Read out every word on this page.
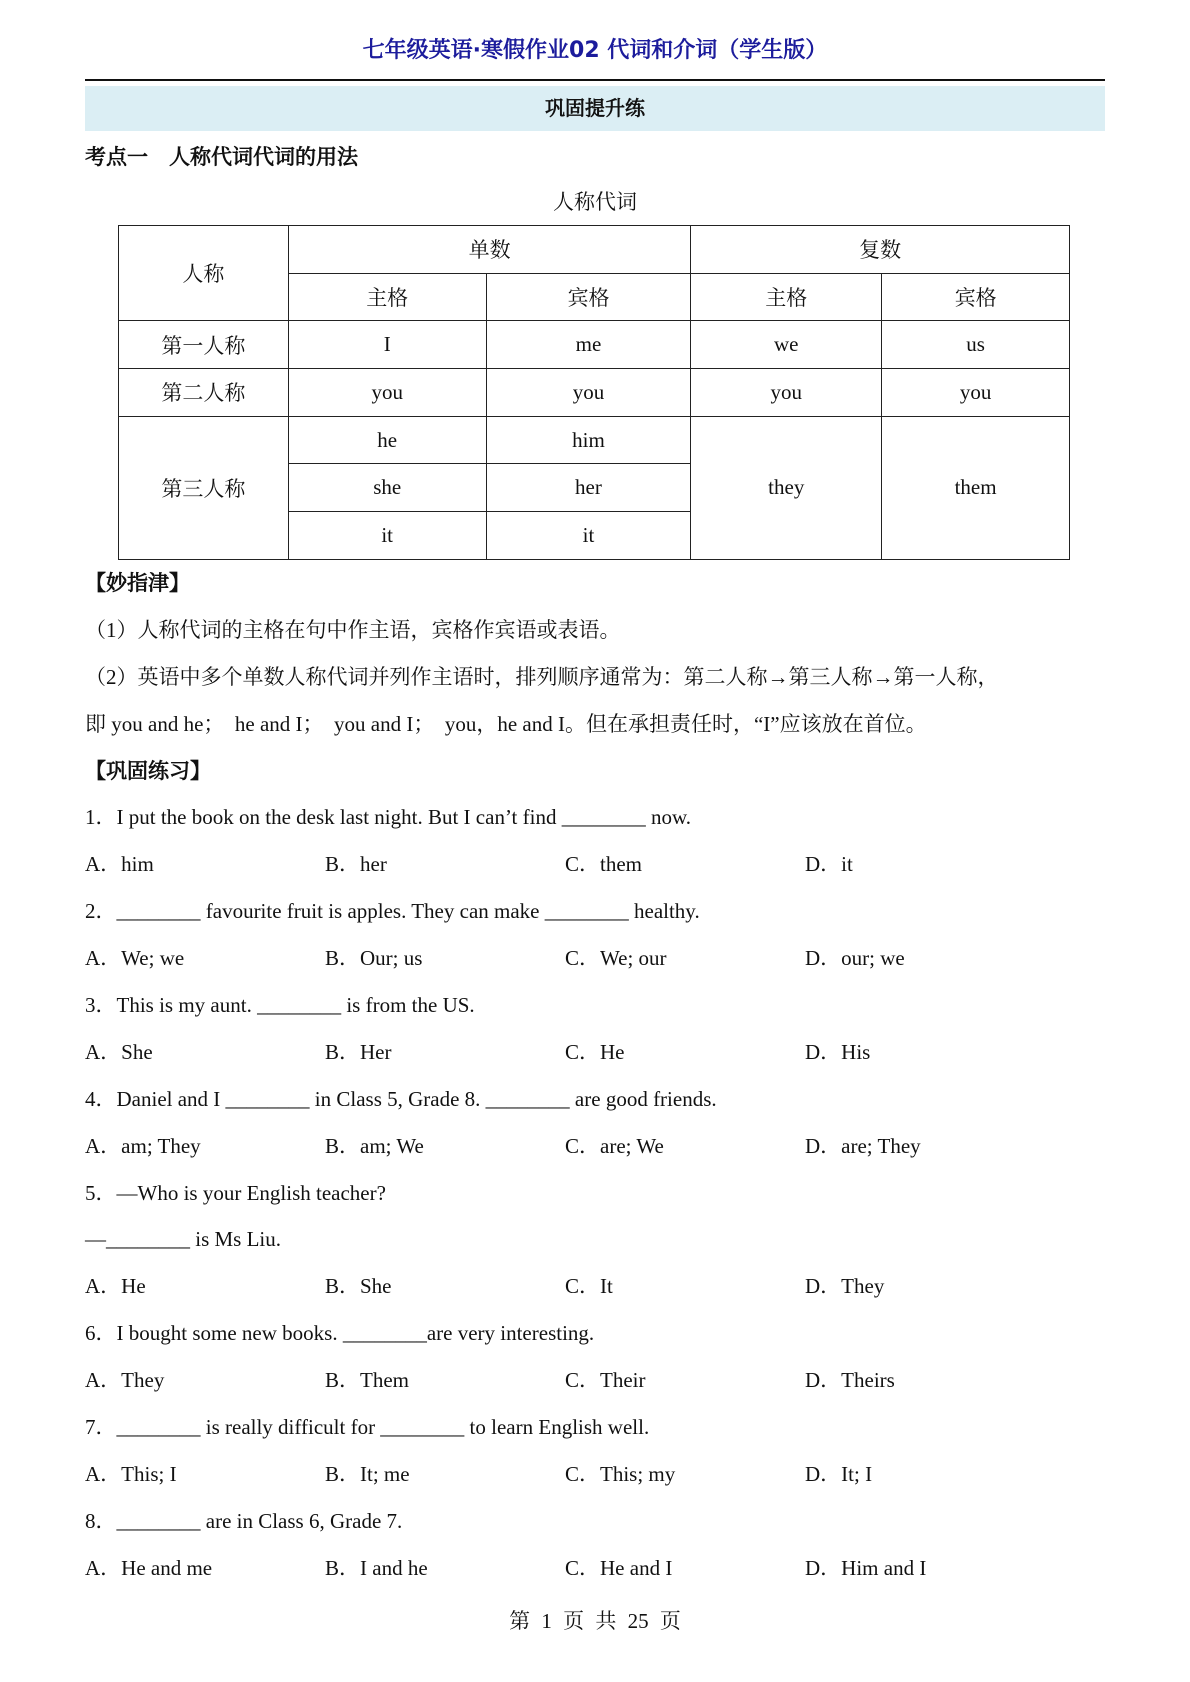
七年级英语·寒假作业02 代词和介词（学生版）
巩固提升练
考点一　人称代词代词的用法
人称代词
人称	单数		复数	
	主格	宾格	主格	宾格
第一人称	I	me	we	us
第二人称	you	you	you	you
第三人称	he	him	they	them
	she	her		
	it	it		
【妙指津】
（1）人称代词的主格在句中作主语，宾格作宾语或表语。
（2）英语中多个单数人称代词并列作主语时，排列顺序通常为：第二人称→第三人称→第一人称，
即 you and he；　he and I；　you and I；　you，he and I。但在承担责任时，“I”应该放在首位。
【巩固练习】
1．I put the book on the desk last night. But I can’t find ________ now.
A．him	B．her	C．them	D．it
2．________ favourite fruit is apples. They can make ________ healthy.
A．We; we	B．Our; us	C．We; our	D．our; we
3．This is my aunt. ________ is from the US.
A．She	B．Her	C．He	D．His
4．Daniel and I ________ in Class 5, Grade 8. ________ are good friends.
A．am; They	B．am; We	C．are; We	D．are; They
5．—Who is your English teacher?
—________ is Ms Liu.
A．He	B．She	C．It	D．They
6．I bought some new books. ________are very interesting.
A．They	B．Them	C．Their	D．Theirs
7．________ is really difficult for ________ to learn English well.
A．This; I	B．It; me	C．This; my	D．It; I
8．________ are in Class 6, Grade 7.
A．He and me	B．I and he	C．He and I	D．Him and I
第 1 页 共 25 页
